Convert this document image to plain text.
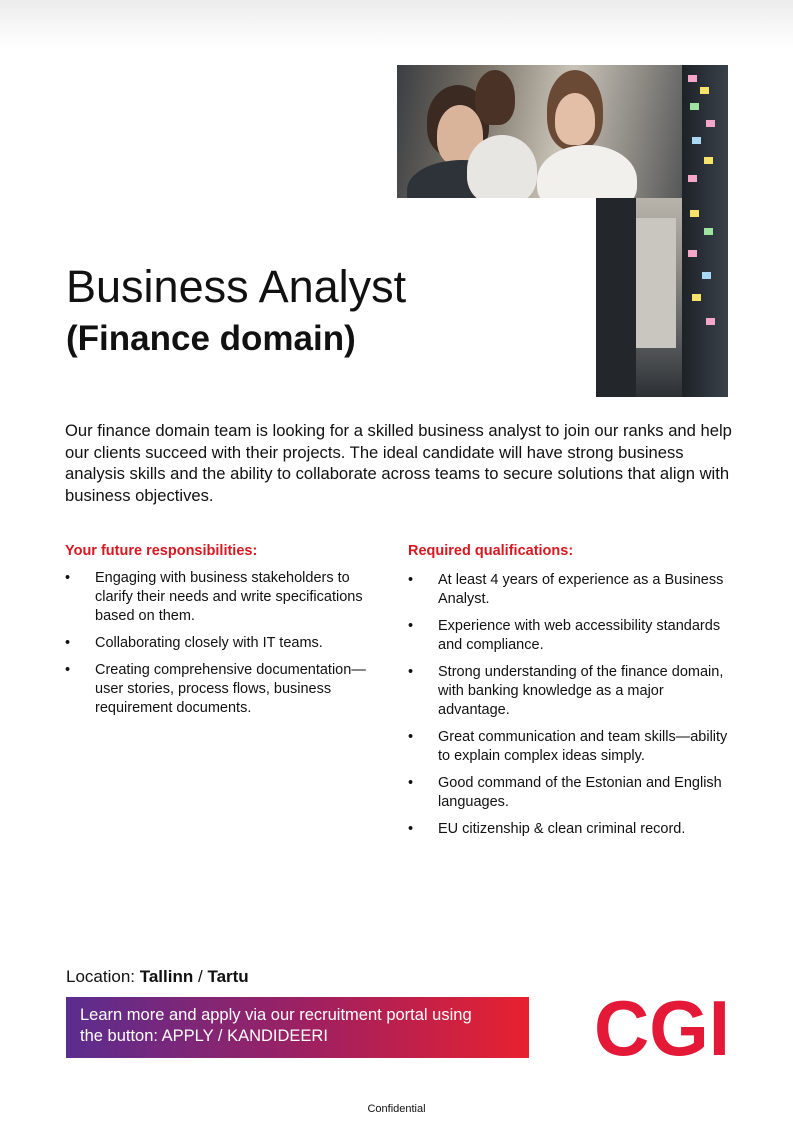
Business Analyst
(Finance domain)

Our finance domain team is looking for a skilled business analyst to join our ranks and help our clients succeed with their projects. The ideal candidate will have strong business analysis skills and the ability to collaborate across teams to secure solutions that align with business objectives.

Your future responsibilities:
• Engaging with business stakeholders to clarify their needs and write specifications based on them.
• Collaborating closely with IT teams.
• Creating comprehensive documentation—user stories, process flows, business requirement documents.
Required qualifications:
• At least 4 years of experience as a Business Analyst.
• Experience with web accessibility standards and compliance.
• Strong understanding of the finance domain, with banking knowledge as a major advantage.
• Great communication and team skills—ability to explain complex ideas simply.
• Good command of the Estonian and English languages.
• EU citizenship & clean criminal record.
Location: Tallinn / Tartu
Learn more and apply via our recruitment portal using
the button: APPLY / KANDIDEERI	CGI
Confidential
